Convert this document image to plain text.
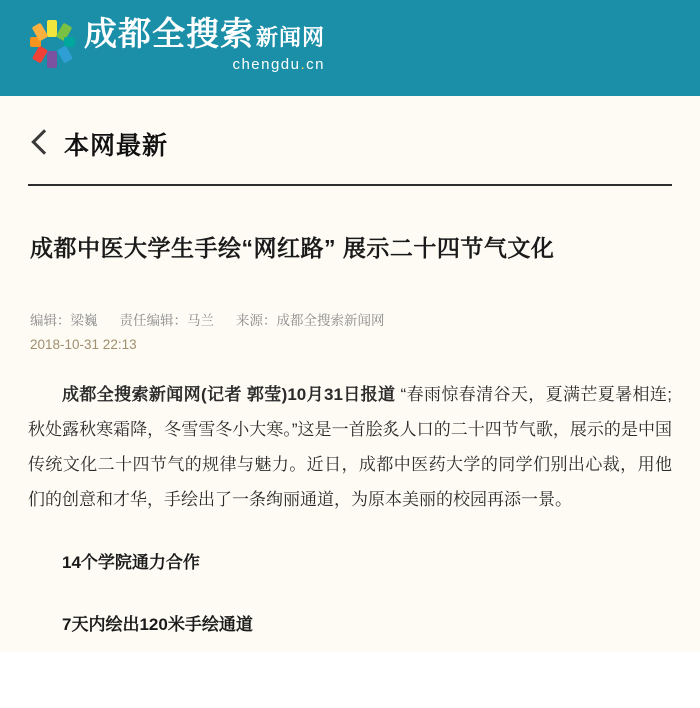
成都全搜索 新闻网
chengdu.cn
本网最新
成都中医大学生手绘“网红路” 展示二十四节气文化
编辑：梁巍 责任编辑：马兰 来源：成都全搜索新闻网
2018-10-31 22:13

成都全搜索新闻网(记者 郭莹)10月31日报道 “春雨惊春清谷天，夏满芒夏暑相连;秋处露秋寒霜降，冬雪雪冬小大寒。”这是一首脍炙人口的二十四节气歌，展示的是中国传统文化二十四节气的规律与魅力。近日，成都中医药大学的同学们别出心裁，用他们的创意和才华，手绘出了一条绚丽通道，为原本美丽的校园再添一景。

14个学院通力合作
7天内绘出120米手绘通道
